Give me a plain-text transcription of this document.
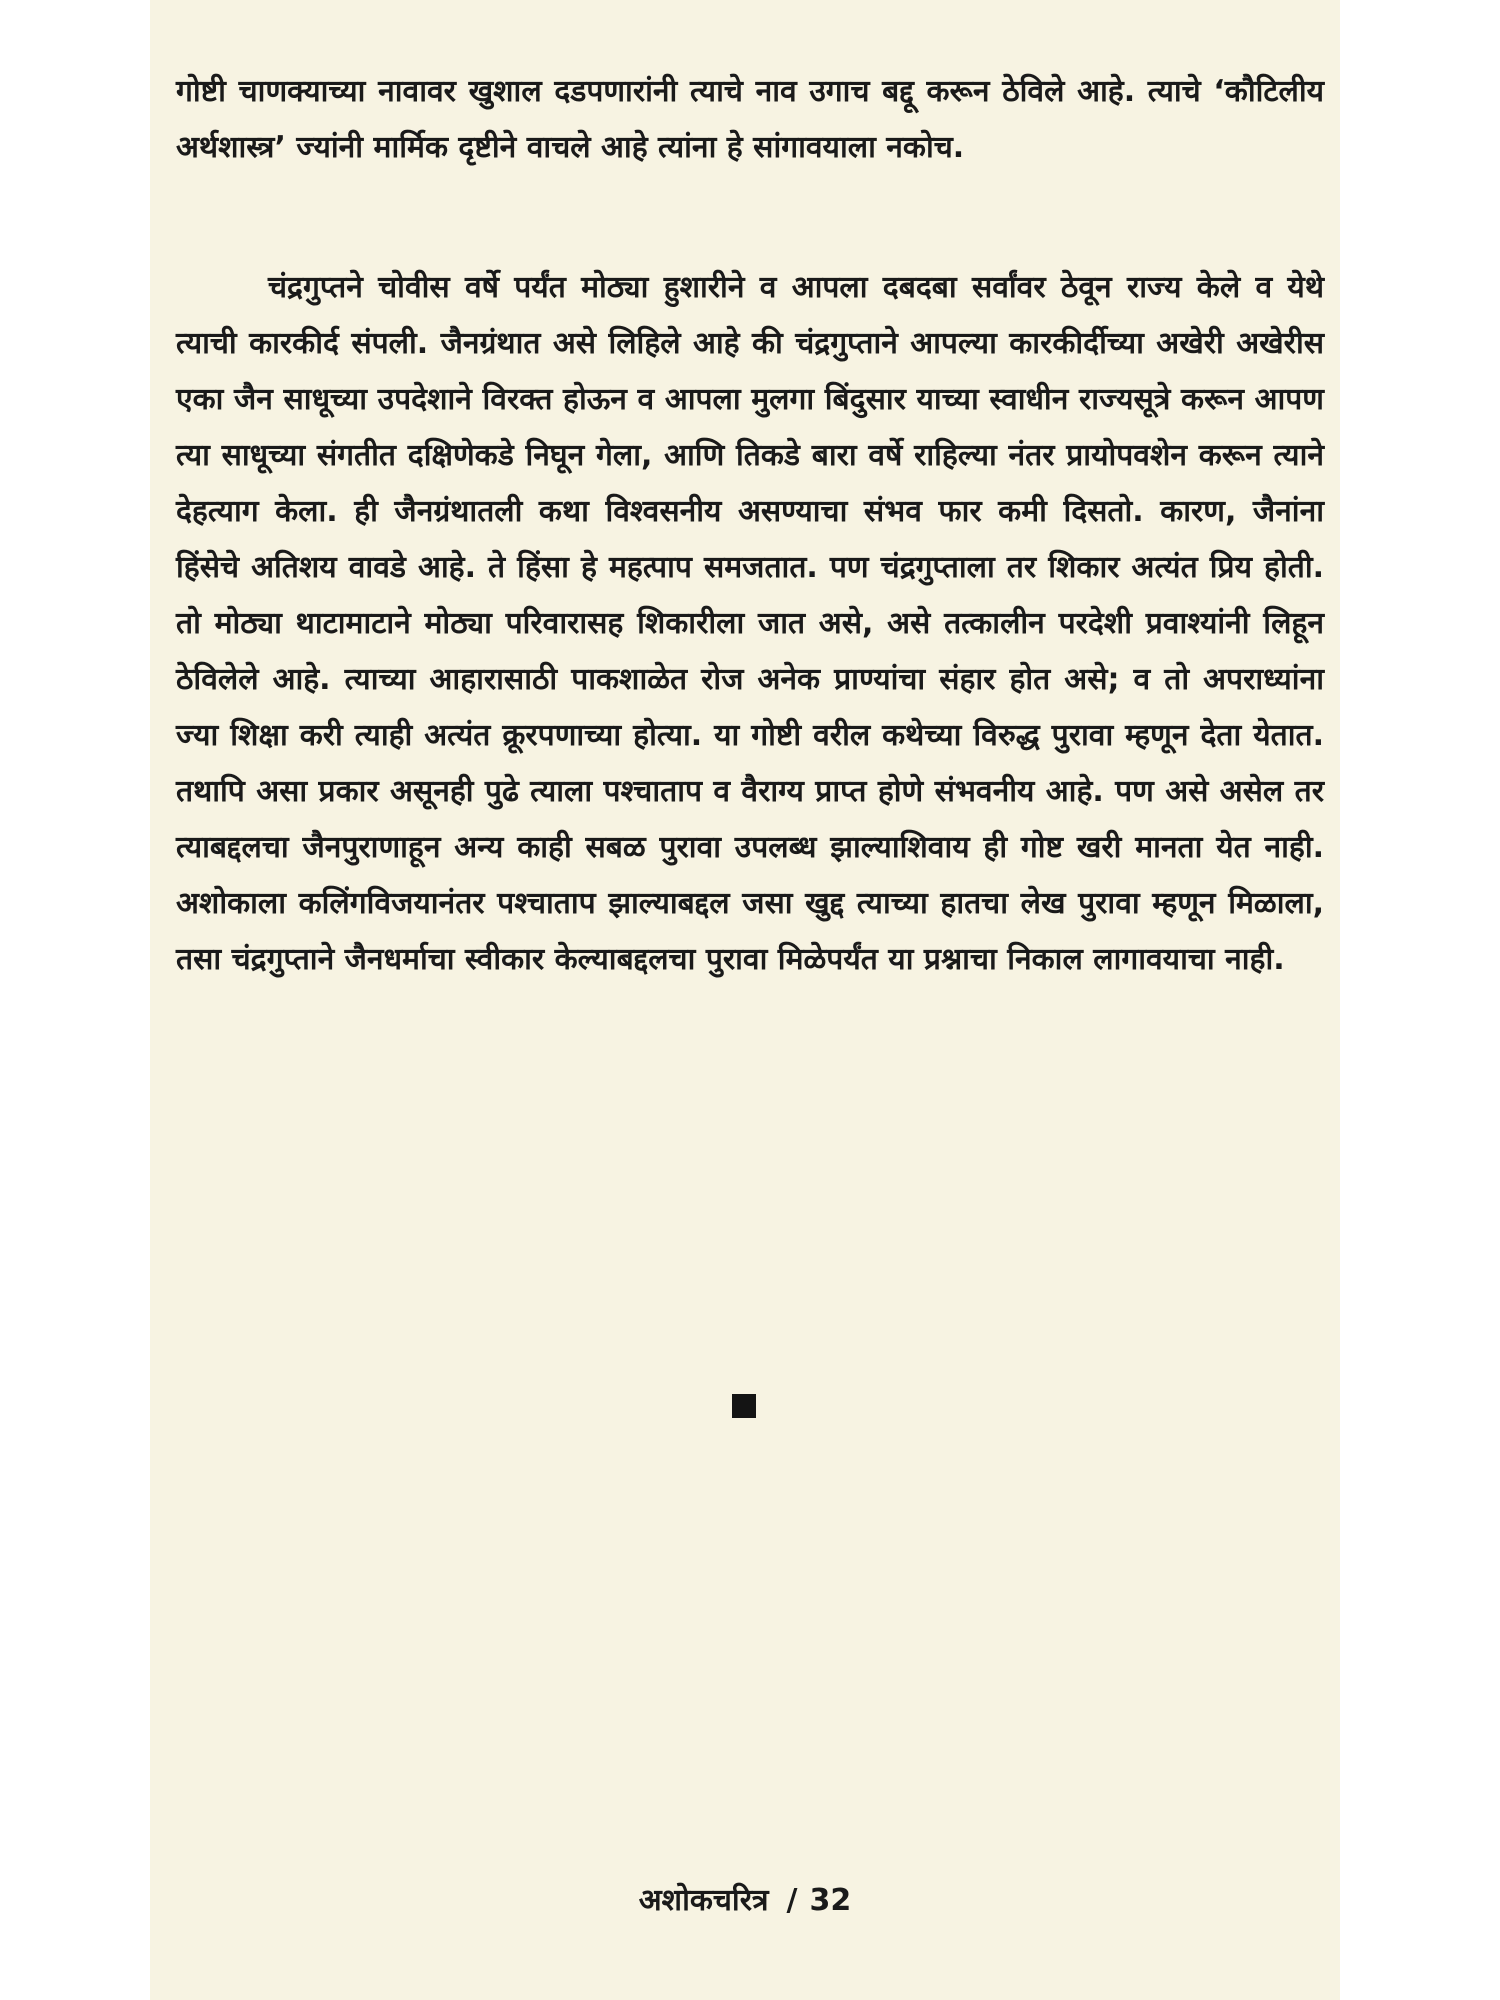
गोष्टी चाणक्याच्या नावावर खुशाल दडपणारांनी त्याचे नाव उगाच बद्दू करून ठेविले आहे. त्याचे ‘कौटिलीय अर्थशास्त्र’ ज्यांनी मार्मिक दृष्टीने वाचले आहे त्यांना हे सांगावयाला नकोच.

चंद्रगुप्तने चोवीस वर्षे पर्यंत मोठ्या हुशारीने व आपला दबदबा सर्वांवर ठेवून राज्य केले व येथे त्याची कारकीर्द संपली. जैनग्रंथात असे लिहिले आहे की चंद्रगुप्ताने आपल्या कारकीर्दीच्या अखेरी अखेरीस एका जैन साधूच्या उपदेशाने विरक्त होऊन व आपला मुलगा बिंदुसार याच्या स्वाधीन राज्यसूत्रे करून आपण त्या साधूच्या संगतीत दक्षिणेकडे निघून गेला, आणि तिकडे बारा वर्षे राहिल्या नंतर प्रायोपवशेन करून त्याने देहत्याग केला. ही जैनग्रंथातली कथा विश्वसनीय असण्याचा संभव फार कमी दिसतो. कारण, जैनांना हिंसेचे अतिशय वावडे आहे. ते हिंसा हे महत्पाप समजतात. पण चंद्रगुप्ताला तर शिकार अत्यंत प्रिय होती. तो मोठ्या थाटामाटाने मोठ्या परिवारासह शिकारीला जात असे, असे तत्कालीन परदेशी प्रवाश्यांनी लिहून ठेविलेले आहे. त्याच्या आहारासाठी पाकशाळेत रोज अनेक प्राण्यांचा संहार होत असे; व तो अपराध्यांना ज्या शिक्षा करी त्याही अत्यंत क्रूरपणाच्या होत्या. या गोष्टी वरील कथेच्या विरुद्ध पुरावा म्हणून देता येतात. तथापि असा प्रकार असूनही पुढे त्याला पश्चाताप व वैराग्य प्राप्त होणे संभवनीय आहे. पण असे असेल तर त्याबद्दलचा जैनपुराणाहून अन्य काही सबळ पुरावा उपलब्ध झाल्याशिवाय ही गोष्ट खरी मानता येत नाही. अशोकाला कलिंगविजयानंतर पश्चाताप झाल्याबद्दल जसा खुद्द त्याच्या हातचा लेख पुरावा म्हणून मिळाला, तसा चंद्रगुप्ताने जैनधर्माचा स्वीकार केल्याबद्दलचा पुरावा मिळेपर्यंत या प्रश्नाचा निकाल लागावयाचा नाही.

अशोकचरित्र / 32
